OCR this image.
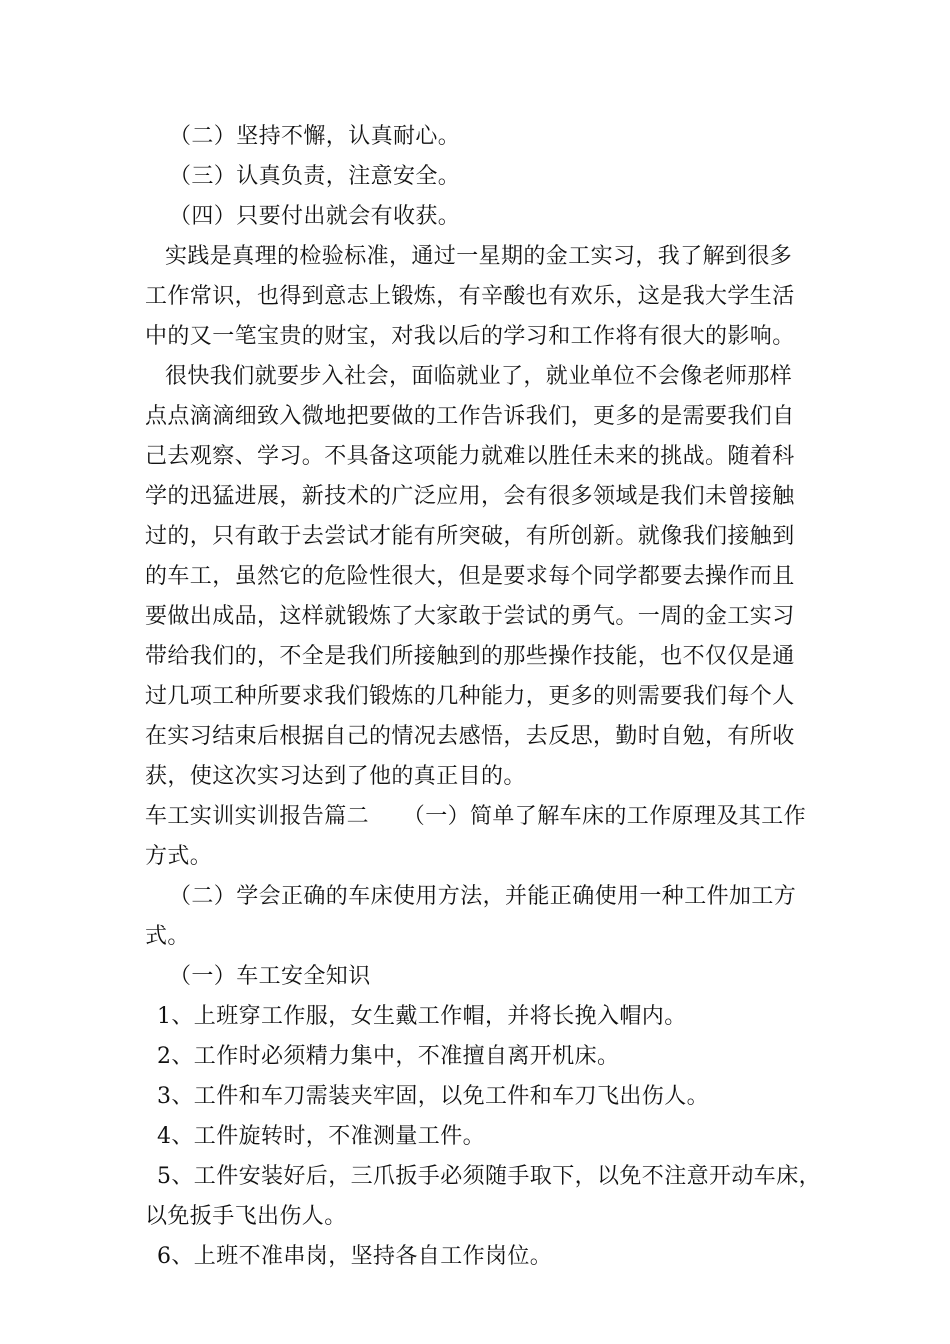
（二）坚持不懈，认真耐心。
（三）认真负责，注意安全。
（四）只要付出就会有收获。
实践是真理的检验标准，通过一星期的金工实习，我了解到很多
工作常识，也得到意志上锻炼，有辛酸也有欢乐，这是我大学生活
中的又一笔宝贵的财宝，对我以后的学习和工作将有很大的影响。
很快我们就要步入社会，面临就业了，就业单位不会像老师那样
点点滴滴细致入微地把要做的工作告诉我们，更多的是需要我们自
己去观察、学习。不具备这项能力就难以胜任未来的挑战。随着科
学的迅猛进展，新技术的广泛应用，会有很多领域是我们未曾接触
过的，只有敢于去尝试才能有所突破，有所创新。就像我们接触到
的车工，虽然它的危险性很大，但是要求每个同学都要去操作而且
要做出成品，这样就锻炼了大家敢于尝试的勇气。一周的金工实习
带给我们的，不全是我们所接触到的那些操作技能，也不仅仅是通
过几项工种所要求我们锻炼的几种能力，更多的则需要我们每个人
在实习结束后根据自己的情况去感悟，去反思，勤时自勉，有所收
获，使这次实习达到了他的真正目的。
车工实训实训报告篇二　　（一）简单了解车床的工作原理及其工作
方式。
（二）学会正确的车床使用方法，并能正确使用一种工件加工方
式。
（一）车工安全知识
1、上班穿工作服，女生戴工作帽，并将长挽入帽内。
2、工作时必须精力集中，不准擅自离开机床。
3、工件和车刀需装夹牢固，以免工件和车刀飞出伤人。
4、工件旋转时，不准测量工件。
5、工件安装好后，三爪扳手必须随手取下，以免不注意开动车床，
以免扳手飞出伤人。
6、上班不准串岗，坚持各自工作岗位。
